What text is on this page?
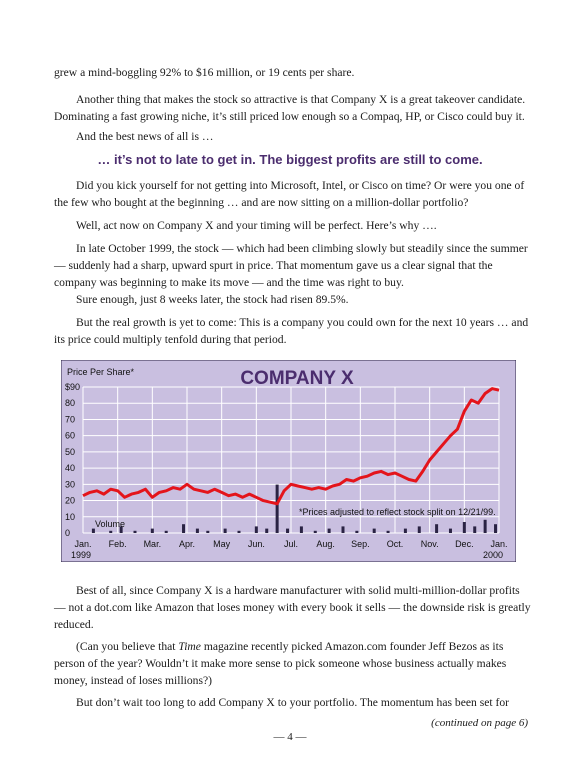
grew a mind-boggling 92% to $16 million, or 19 cents per share.

Another thing that makes the stock so attractive is that Company X is a great takeover candidate. Dominating a fast growing niche, it’s still priced low enough so a Compaq, HP, or Cisco could buy it.

And the best news of all is …

… it’s not to late to get in. The biggest profits are still to come.

Did you kick yourself for not getting into Microsoft, Intel, or Cisco on time? Or were you one of the few who bought at the beginning … and are now sitting on a million-dollar portfolio?

Well, act now on Company X and your timing will be perfect. Here’s why ….

In late October 1999, the stock — which had been climbing slowly but steadily since the summer — suddenly had a sharp, upward spurt in price. That momentum gave us a clear signal that the company was beginning to make its move — and the time was right to buy.

Sure enough, just 8 weeks later, the stock had risen 89.5%.

But the real growth is yet to come: This is a company you could own for the next 10 years … and its price could multiply tenfold during that period.

$90
80
70
60
50
40
30
20
10
0
Jan. Feb. Mar. Apr. May Jun. Jul. Aug. Sep. Oct. Nov. Dec. Jan.
Price Per Share*	COMPANY X
Volume
*Prices adjusted to reflect stock split on 12/21/99.
1999	2000

Best of all, since Company X is a hardware manufacturer with solid multi-million-dollar profits — not a dot.com like Amazon that loses money with every book it sells — the downside risk is greatly reduced.

(Can you believe that Time magazine recently picked Amazon.com founder Jeff Bezos as its person of the year? Wouldn’t it make more sense to pick someone whose business actually makes money, instead of loses millions?)

But don’t wait too long to add Company X to your portfolio. The momentum has been set for

(continued on page 6)
— 4 —
